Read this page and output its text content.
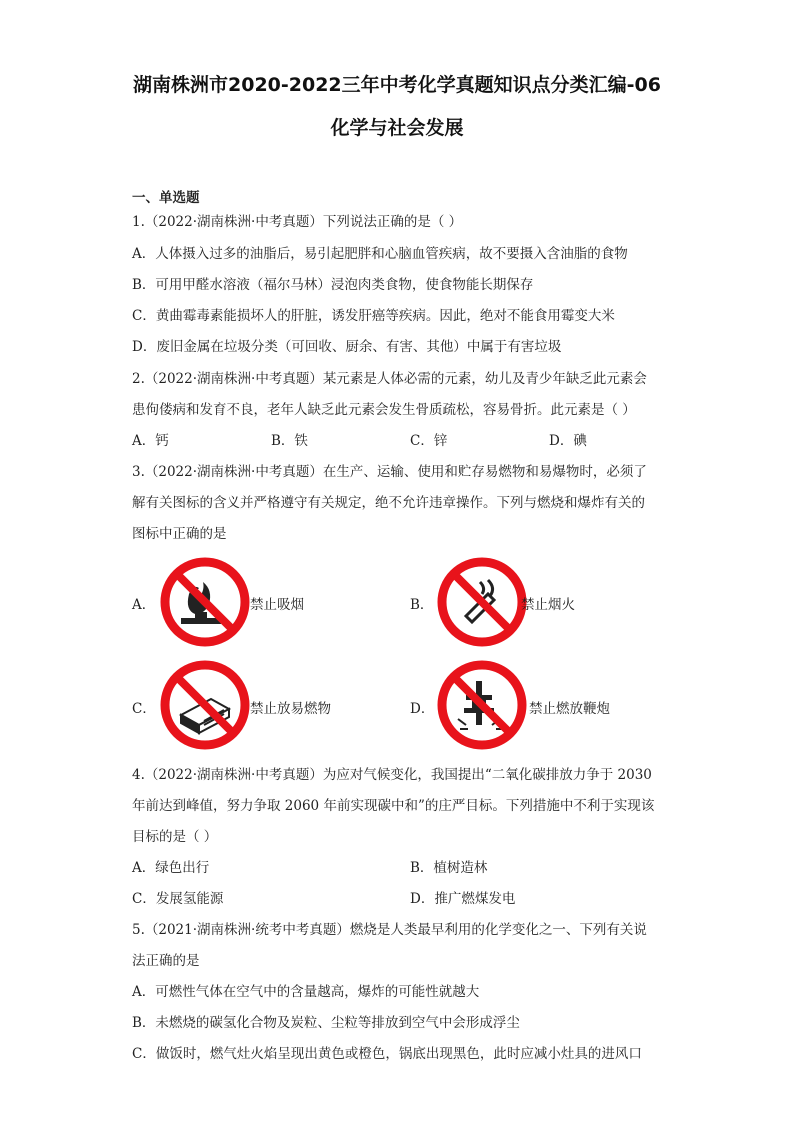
湖南株洲市2020-2022三年中考化学真题知识点分类汇编-06
化学与社会发展
一、单选题
1.（2022·湖南株洲·中考真题）下列说法正确的是（ ）
A．人体摄入过多的油脂后，易引起肥胖和心脑血管疾病，故不要摄入含油脂的食物
B．可用甲醛水溶液（福尔马林）浸泡肉类食物，使食物能长期保存
C．黄曲霉毒素能损坏人的肝脏，诱发肝癌等疾病。因此，绝对不能食用霉变大米
D．废旧金属在垃圾分类（可回收、厨余、有害、其他）中属于有害垃圾
2.（2022·湖南株洲·中考真题）某元素是人体必需的元素，幼儿及青少年缺乏此元素会
患佝偻病和发育不良，老年人缺乏此元素会发生骨质疏松，容易骨折。此元素是（ ）
A．钙	B．铁	C．锌	D．碘
3.（2022·湖南株洲·中考真题）在生产、运输、使用和贮存易燃物和易爆物时，必须了
解有关图标的含义并严格遵守有关规定，绝不允许违章操作。下列与燃烧和爆炸有关的
图标中正确的是
A．	禁止吸烟	B．	禁止烟火
C．	禁止放易燃物	D．	禁止燃放鞭炮
4.（2022·湖南株洲·中考真题）为应对气候变化，我国提出“二氧化碳排放力争于 2030
年前达到峰值，努力争取 2060 年前实现碳中和”的庄严目标。下列措施中不利于实现该
目标的是（ ）
A．绿色出行	B．植树造林
C．发展氢能源	D．推广燃煤发电
5.（2021·湖南株洲·统考中考真题）燃烧是人类最早利用的化学变化之一、下列有关说
法正确的是
A．可燃性气体在空气中的含量越高，爆炸的可能性就越大
B．未燃烧的碳氢化合物及炭粒、尘粒等排放到空气中会形成浮尘
C．做饭时，燃气灶火焰呈现出黄色或橙色，锅底出现黑色，此时应减小灶具的进风口
